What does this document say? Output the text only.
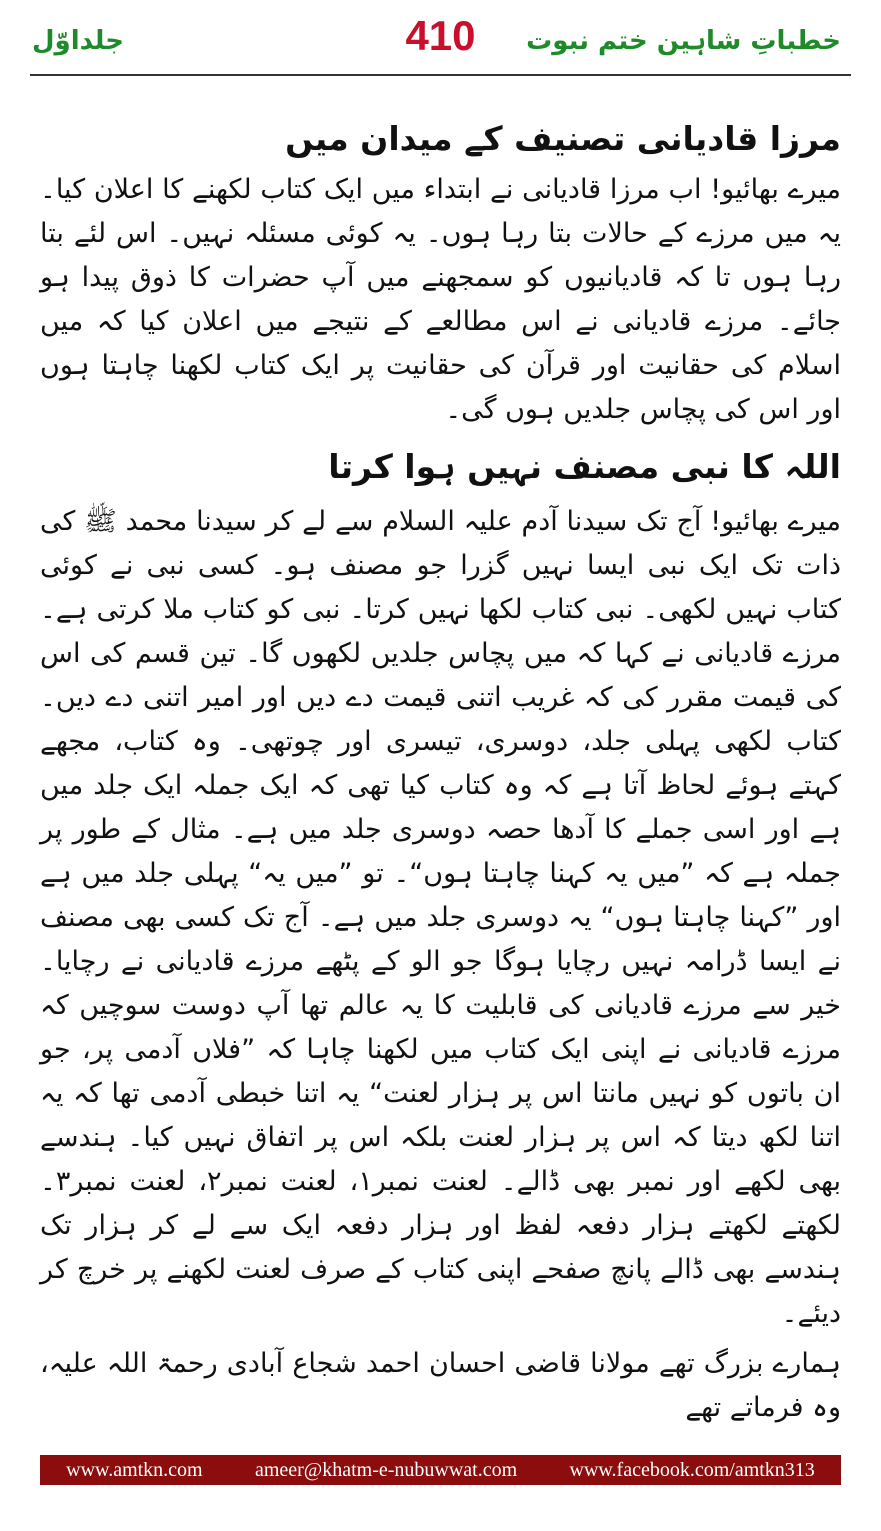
جلداوّل	410	خطباتِ شاہین ختم نبوت
مرزا قادیانی تصنیف کے میدان میں

میرے بھائیو! اب مرزا قادیانی نے ابتداء میں ایک کتاب لکھنے کا اعلان کیا۔ یہ میں مرزے کے حالات بتا رہا ہوں۔ یہ کوئی مسئلہ نہیں۔ اس لئے بتا رہا ہوں تا کہ قادیانیوں کو سمجھنے میں آپ حضرات کا ذوق پیدا ہو جائے۔ مرزے قادیانی نے اس مطالعے کے نتیجے میں اعلان کیا کہ میں اسلام کی حقانیت اور قرآن کی حقانیت پر ایک کتاب لکھنا چاہتا ہوں اور اس کی پچاس جلدیں ہوں گی۔

اللہ کا نبی مصنف نہیں ہوا کرتا

میرے بھائیو! آج تک سیدنا آدم علیہ السلام سے لے کر سیدنا محمد ﷺ کی ذات تک ایک نبی ایسا نہیں گزرا جو مصنف ہو۔ کسی نبی نے کوئی کتاب نہیں لکھی۔ نبی کتاب لکھا نہیں کرتا۔ نبی کو کتاب ملا کرتی ہے۔ مرزے قادیانی نے کہا کہ میں پچاس جلدیں لکھوں گا۔ تین قسم کی اس کی قیمت مقرر کی کہ غریب اتنی قیمت دے دیں اور امیر اتنی دے دیں۔ کتاب لکھی پہلی جلد، دوسری، تیسری اور چوتھی۔ وہ کتاب، مجھے کہتے ہوئے لحاظ آتا ہے کہ وہ کتاب کیا تھی کہ ایک جملہ ایک جلد میں ہے اور اسی جملے کا آدھا حصہ دوسری جلد میں ہے۔ مثال کے طور پر جملہ ہے کہ ”میں یہ کہنا چاہتا ہوں“۔ تو ”میں یہ“ پہلی جلد میں ہے اور ”کہنا چاہتا ہوں“ یہ دوسری جلد میں ہے۔ آج تک کسی بھی مصنف نے ایسا ڈرامہ نہیں رچایا ہوگا جو الو کے پٹھے مرزے قادیانی نے رچایا۔ خیر سے مرزے قادیانی کی قابلیت کا یہ عالم تھا آپ دوست سوچیں کہ مرزے قادیانی نے اپنی ایک کتاب میں لکھنا چاہا کہ ”فلاں آدمی پر، جو ان باتوں کو نہیں مانتا اس پر ہزار لعنت“ یہ اتنا خبطی آدمی تھا کہ یہ اتنا لکھ دیتا کہ اس پر ہزار لعنت بلکہ اس پر اتفاق نہیں کیا۔ ہندسے بھی لکھے اور نمبر بھی ڈالے۔ لعنت نمبر۱، لعنت نمبر۲، لعنت نمبر۳۔ لکھتے لکھتے ہزار دفعہ لفظ اور ہزار دفعہ ایک سے لے کر ہزار تک ہندسے بھی ڈالے پانچ صفحے اپنی کتاب کے صرف لعنت لکھنے پر خرچ کر دیئے۔

ہمارے بزرگ تھے مولانا قاضی احسان احمد شجاع آبادی رحمۃ اللہ علیہ، وہ فرماتے تھے

www.amtkn.com	ameer@khatm-e-nubuwwat.com	www.facebook.com/amtkn313
